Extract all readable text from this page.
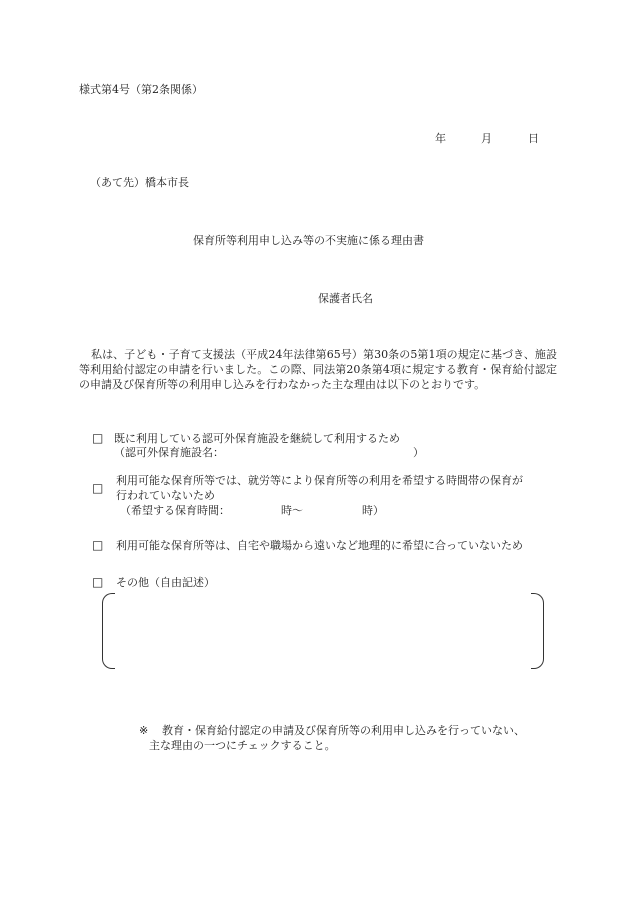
様式第4号（第2条関係）
年	月	日
（あて先）橋本市長
保育所等利用申し込み等の不実施に係る理由書
保護者氏名
私は、子ども・子育て支援法（平成24年法律第65号）第30条の5第1項の規定に基づき、施設等利用給付認定の申請を行いました。この際、同法第20条第4項に規定する教育・保育給付認定の申請及び保育所等の利用申し込みを行わなかった主な理由は以下のとおりです。
□ 既に利用している認可外保育施設を継続して利用するため
（認可外保育施設名：	）
□
利用可能な保育所等では、就労等により保育所等の利用を希望する時間帯の保育が
行われていないため
（希望する保育時間：	時～	時）
□ 利用可能な保育所等は、自宅や職場から遠いなど地理的に希望に合っていないため
□ その他（自由記述）
※ 教育・保育給付認定の申請及び保育所等の利用申し込みを行っていない、
主な理由の一つにチェックすること。
